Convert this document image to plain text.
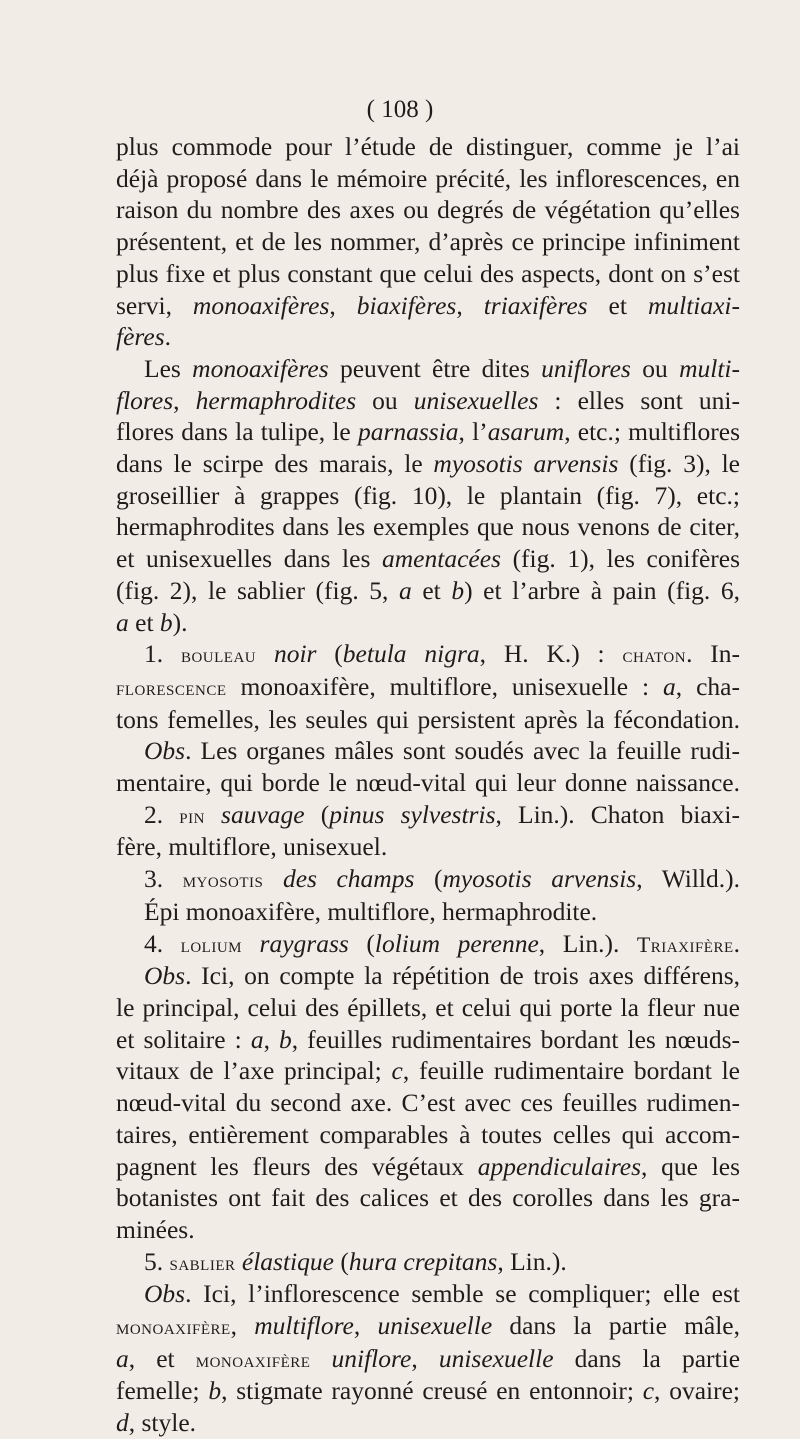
( 108 )
plus commode pour l’étude de distinguer, comme je l’ai
déjà proposé dans le mémoire précité, les inflorescences, en
raison du nombre des axes ou degrés de végétation qu’elles
présentent, et de les nommer, d’après ce principe infiniment
plus fixe et plus constant que celui des aspects, dont on s’est
servi, monoaxifères, biaxifères, triaxifères et multiaxi-
fères.
Les monoaxifères peuvent être dites uniflores ou multi-
flores, hermaphrodites ou unisexuelles : elles sont uni-
flores dans la tulipe, le parnassia, l’asarum, etc.; multiflores
dans le scirpe des marais, le myosotis arvensis (fig. 3), le
groseillier à grappes (fig. 10), le plantain (fig. 7), etc.;
hermaphrodites dans les exemples que nous venons de citer,
et unisexuelles dans les amentacées (fig. 1), les conifères
(fig. 2), le sablier (fig. 5, a et b) et l’arbre à pain (fig. 6,
a et b).
1. bouleau noir (betula nigra, H. K.) : chaton. In-
florescence monoaxifère, multiflore, unisexuelle : a, cha-
tons femelles, les seules qui persistent après la fécondation.
Obs. Les organes mâles sont soudés avec la feuille rudi-
mentaire, qui borde le nœud-vital qui leur donne naissance.
2. pin sauvage (pinus sylvestris, Lin.). Chaton biaxi-
fère, multiflore, unisexuel.
3. myosotis des champs (myosotis arvensis, Willd.).
Épi monoaxifère, multiflore, hermaphrodite.
4. lolium raygrass (lolium perenne, Lin.). Triaxifère.
Obs. Ici, on compte la répétition de trois axes différens,
le principal, celui des épillets, et celui qui porte la fleur nue
et solitaire : a, b, feuilles rudimentaires bordant les nœuds-
vitaux de l’axe principal; c, feuille rudimentaire bordant le
nœud-vital du second axe. C’est avec ces feuilles rudimen-
taires, entièrement comparables à toutes celles qui accom-
pagnent les fleurs des végétaux appendiculaires, que les
botanistes ont fait des calices et des corolles dans les gra-
minées.
5. sablier élastique (hura crepitans, Lin.).
Obs. Ici, l’inflorescence semble se compliquer; elle est
monoaxifère, multiflore, unisexuelle dans la partie mâle,
a, et monoaxifère uniflore, unisexuelle dans la partie
femelle; b, stigmate rayonné creusé en entonnoir; c, ovaire;
d, style.
